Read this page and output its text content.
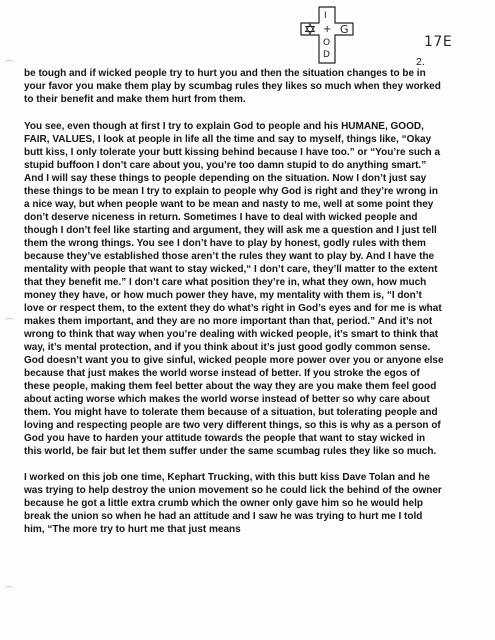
I
+ G
O
D
17E
2.

be tough and if wicked people try to hurt you and then the situation changes to be in your favor you make them play by scumbag rules they likes so much when they worked to their benefit and make them hurt from them.

You see, even though at first I try to explain God to people and his HUMANE, GOOD, FAIR, VALUES, I look at people in life all the time and say to myself, things like, “Okay butt kiss, I only tolerate your butt kissing behind because I have too.” or “You’re such a stupid buffoon I don’t care about you, you’re too damn stupid to do anything smart.” And I will say these things to people depending on the situation. Now I don’t just say these things to be mean I try to explain to people why God is right and they’re wrong in a nice way, but when people want to be mean and nasty to me, well at some point they don’t deserve niceness in return. Sometimes I have to deal with wicked people and though I don’t feel like starting and argument, they will ask me a question and I just tell them the wrong things. You see I don’t have to play by honest, godly rules with them because they’ve established those aren’t the rules they want to play by. And I have the mentality with people that want to stay wicked,“ I don’t care, they’ll matter to the extent that they benefit me.” I don’t care what position they’re in, what they own, how much money they have, or how much power they have, my mentality with them is, “I don’t love or respect them, to the extent they do what’s right in God’s eyes and for me is what makes them important, and they are no more important than that, period.” And it’s not wrong to think that way when you’re dealing with wicked people, it’s smart to think that way, it’s mental protection, and if you think about it’s just good godly common sense. God doesn’t want you to give sinful, wicked people more power over you or anyone else because that just makes the world worse instead of better. If you stroke the egos of these people, making them feel better about the way they are you make them feel good about acting worse which makes the world worse instead of better so why care about them. You might have to tolerate them because of a situation, but tolerating people and loving and respecting people are two very different things, so this is why as a person of God you have to harden your attitude towards the people that want to stay wicked in this world, be fair but let them suffer under the same scumbag rules they like so much.

I worked on this job one time, Kephart Trucking, with this butt kiss Dave Tolan and he was trying to help destroy the union movement so he could lick the behind of the owner because he got a little extra crumb which the owner only gave him so he would help break the union so when he had an attitude and I saw he was trying to hurt me I told him, “The more try to hurt me that just means
